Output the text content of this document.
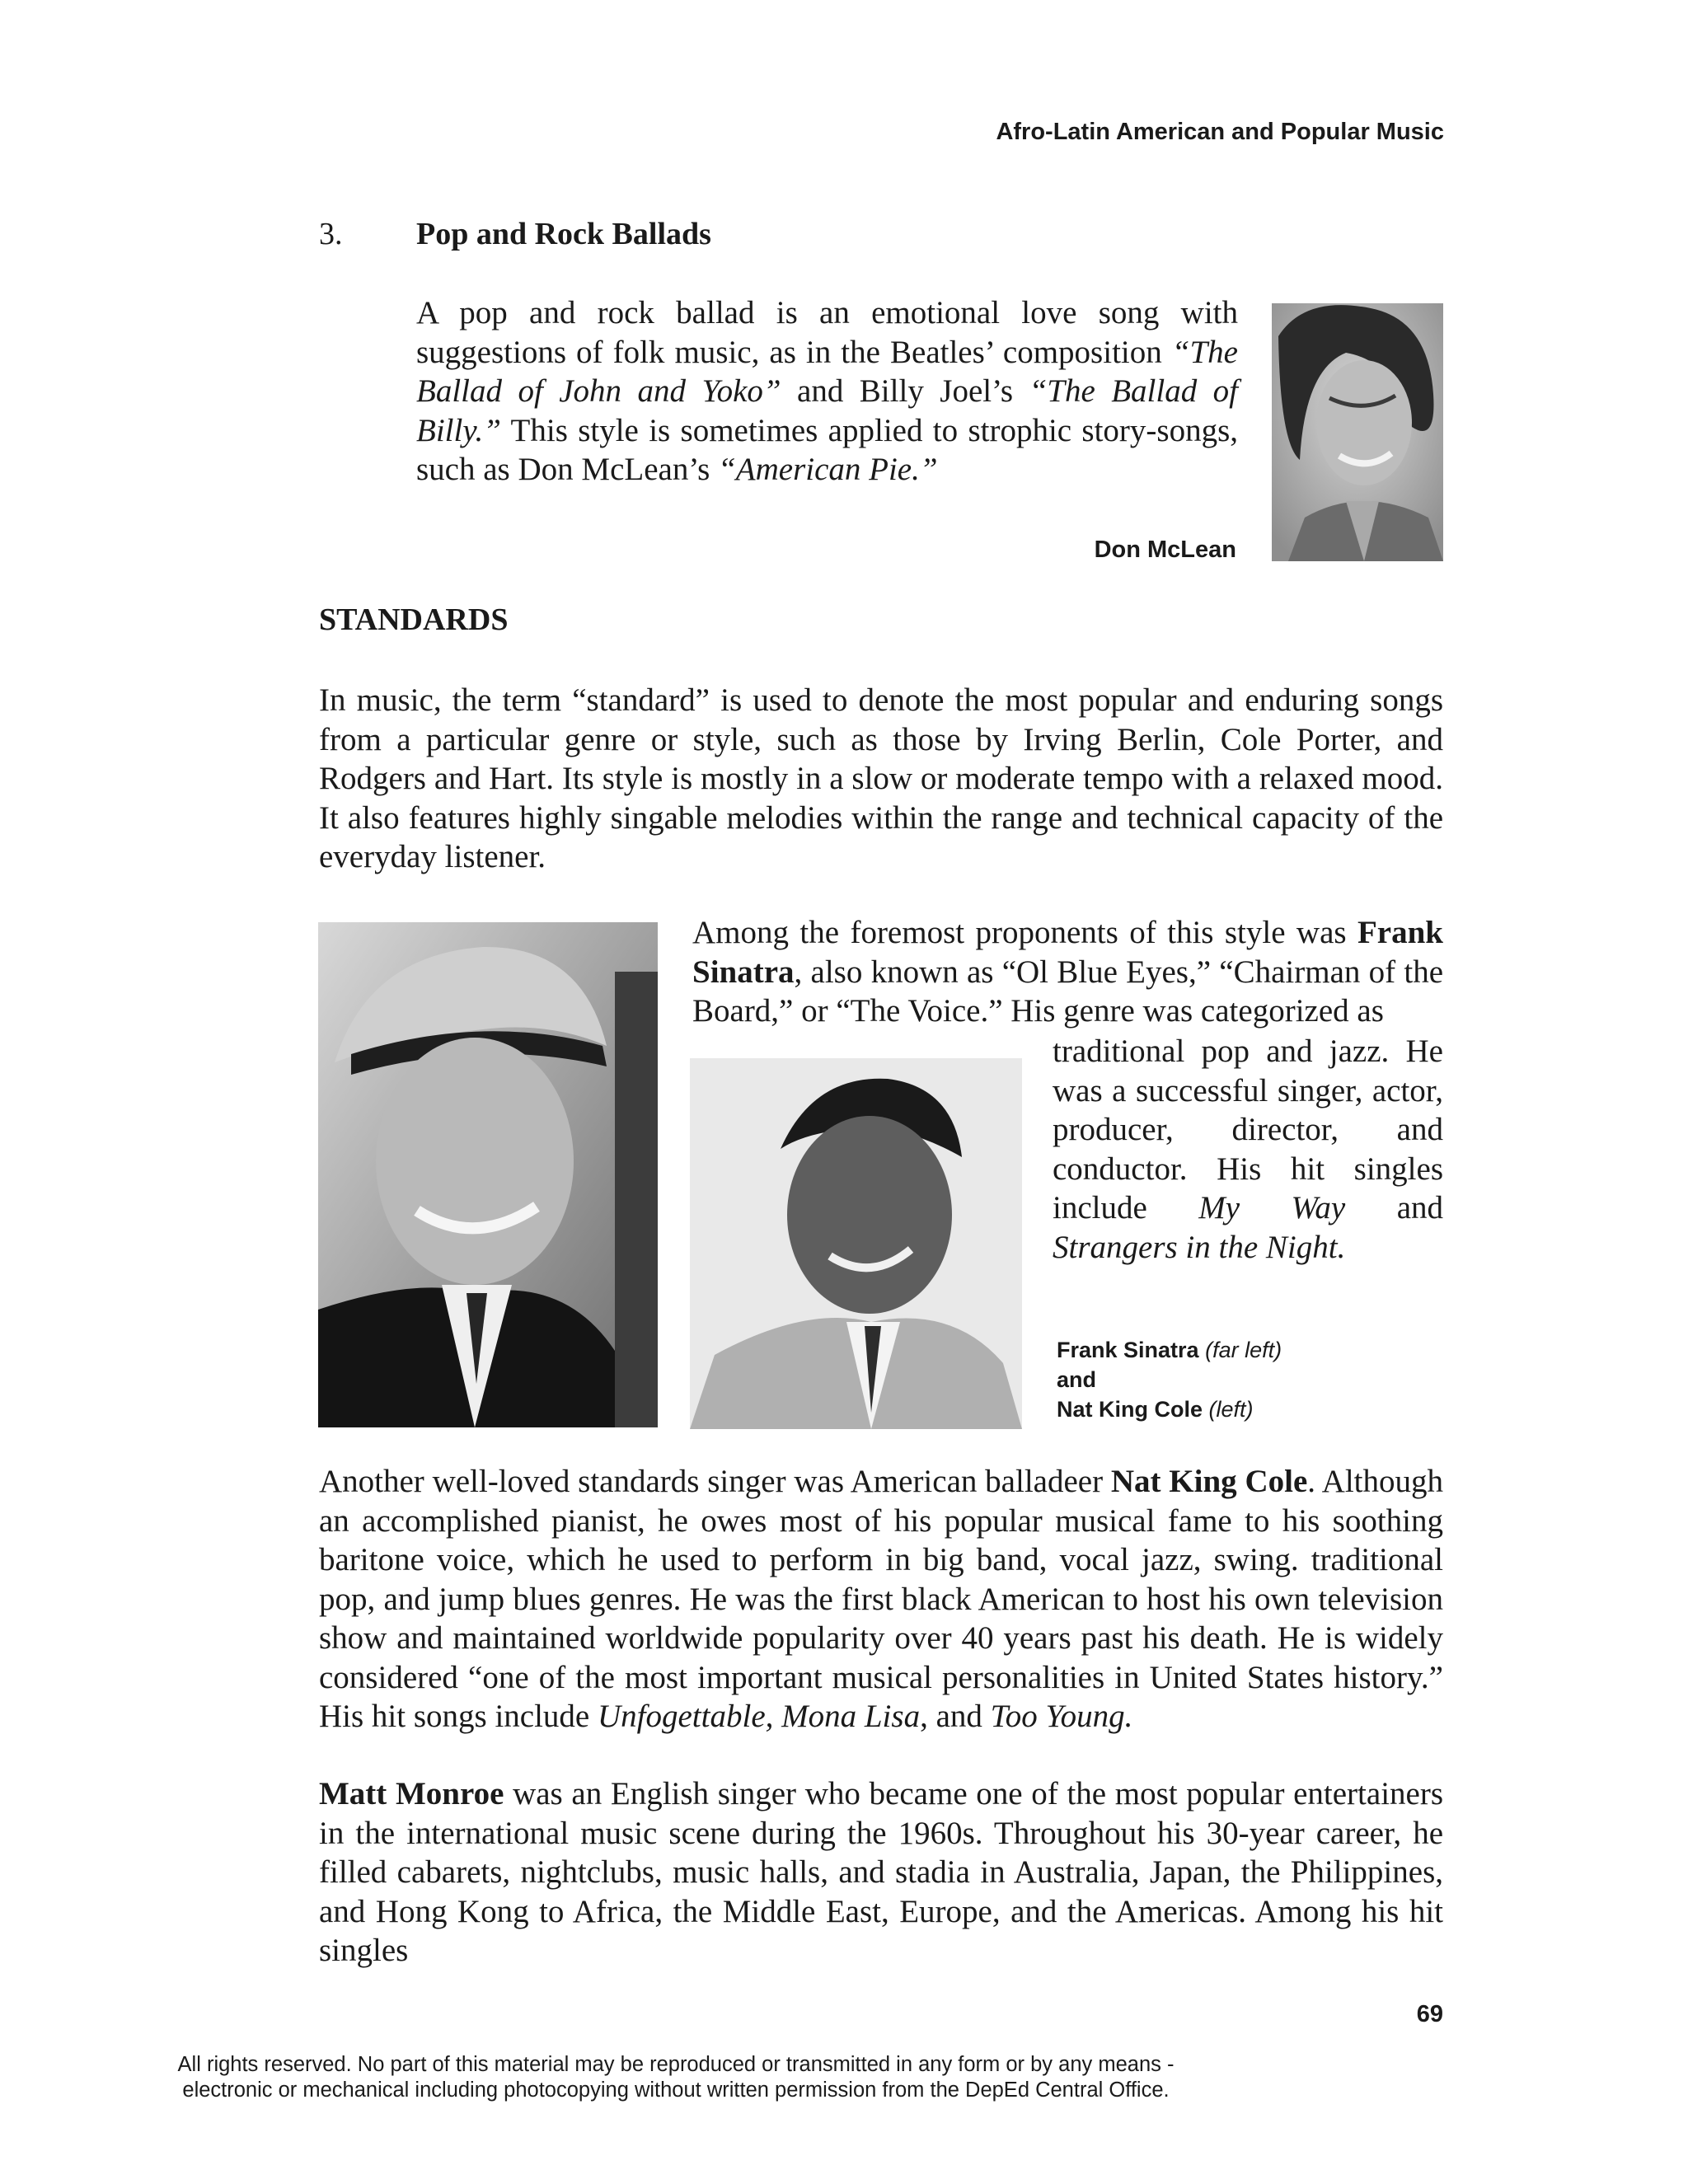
Afro-Latin American and Popular Music
3. Pop and Rock Ballads
A pop and rock ballad is an emotional love song with suggestions of folk music, as in the Beatles’ composition “The Ballad of John and Yoko” and Billy Joel’s “The Ballad of Billy.” This style is sometimes applied to strophic story-songs, such as Don McLean’s “American Pie.”
Don McLean
STANDARDS
In music, the term “standard” is used to denote the most popular and enduring songs from a particular genre or style, such as those by Irving Berlin, Cole Porter, and Rodgers and Hart. Its style is mostly in a slow or moderate tempo with a relaxed mood. It also features highly singable melodies within the range and technical capacity of the everyday listener.
Among the foremost proponents of this style was Frank Sinatra, also known as “Ol Blue Eyes,” “Chairman of the Board,” or “The Voice.” His genre was categorized as
traditional pop and jazz. He was a successful singer, actor, producer, director, and conductor. His hit singles include My Way and Strangers in the Night.
Frank Sinatra (far left)
and
Nat King Cole (left)
Another well-loved standards singer was American balladeer Nat King Cole. Although an accomplished pianist, he owes most of his popular musical fame to his soothing baritone voice, which he used to perform in big band, vocal jazz, swing. traditional pop, and jump blues genres. He was the first black American to host his own television show and maintained worldwide popularity over 40 years past his death. He is widely considered “one of the most important musical personalities in United States history.” His hit songs include Unfogettable, Mona Lisa, and Too Young.
Matt Monroe was an English singer who became one of the most popular entertainers in the international music scene during the 1960s. Throughout his 30-year career, he filled cabarets, nightclubs, music halls, and stadia in Australia, Japan, the Philippines, and Hong Kong to Africa, the Middle East, Europe, and the Americas. Among his hit singles
69
All rights reserved. No part of this material may be reproduced or transmitted in any form or by any means -
electronic or mechanical including photocopying without written permission from the DepEd Central Office.
